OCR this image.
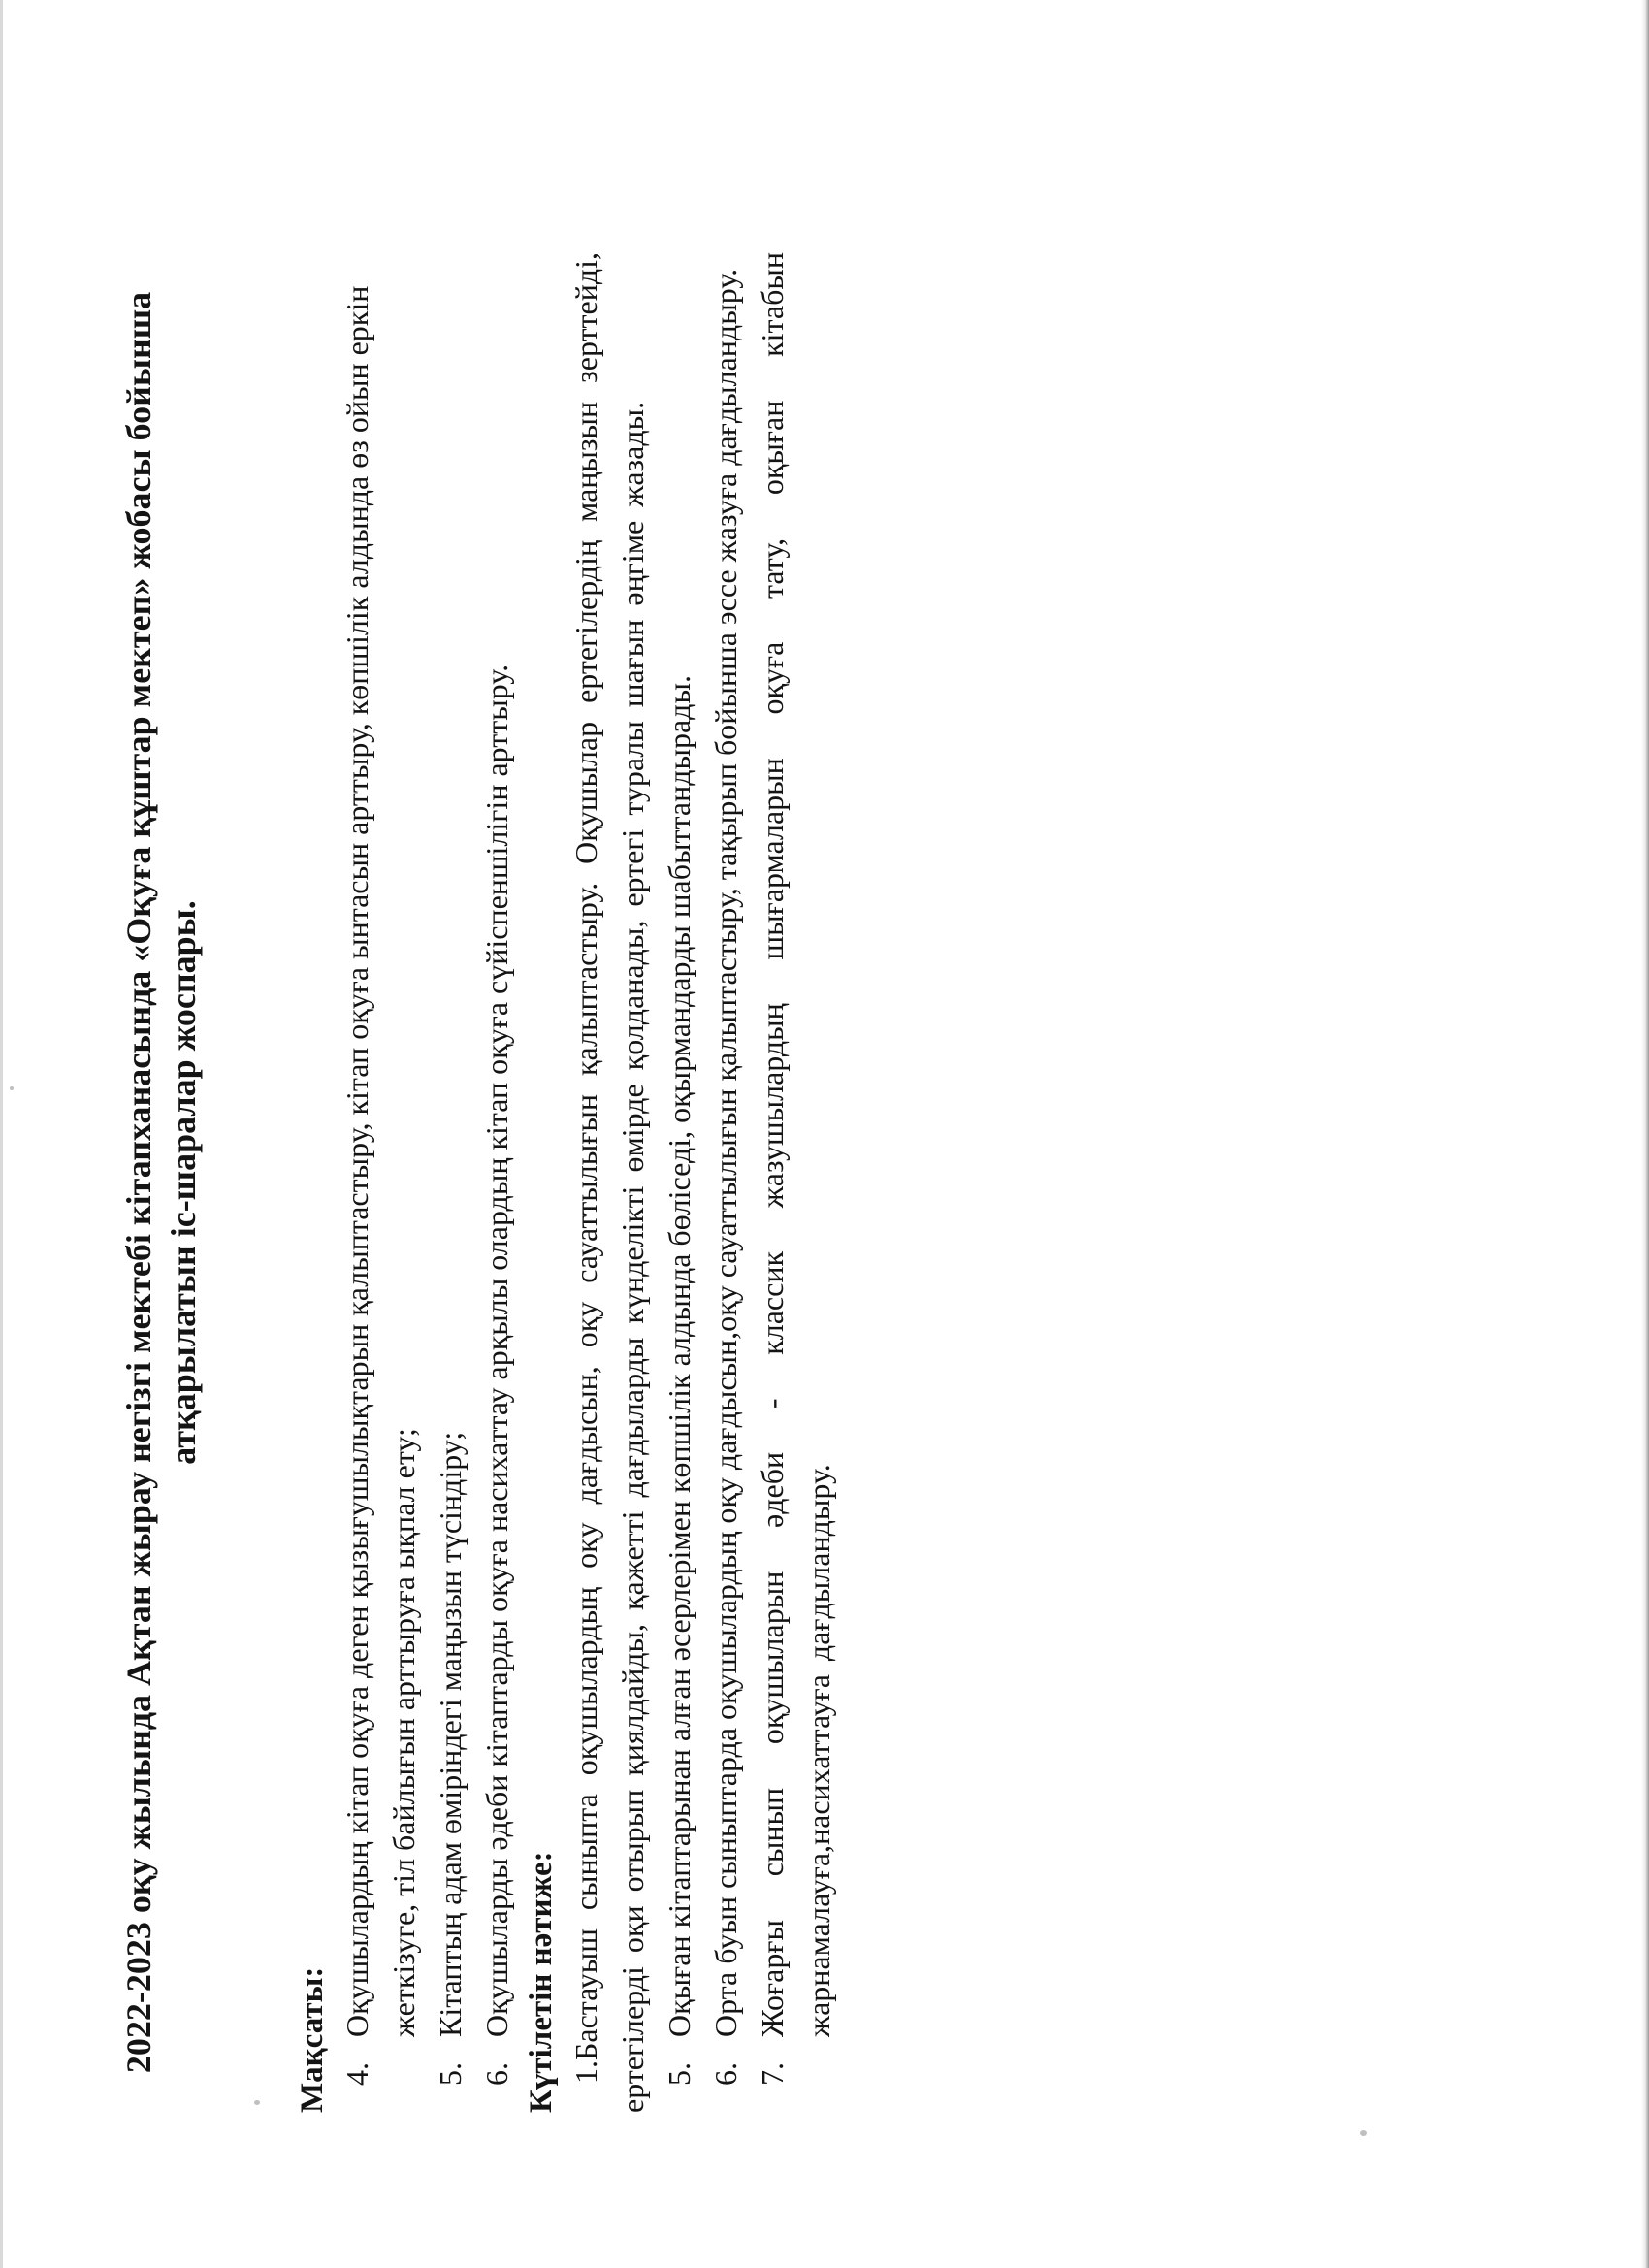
2022-2023 оқу жылында Ақтан жырау негізгі мектебі кітапханасында «Оқуға құштар мектеп» жобасы бойынша атқарылатын іс-шаралар жоспары.

Мақсаты: 4.
Оқушылардың кітап оқуға деген қызығушылықтарын қалыптастыру, кітап оқуға ынтасын арттыру, көпшілік алдында өз ойын еркін жеткізуге, тіл байлығын арттыруға ықпал ету;
5.
Кітаптың адам өміріндегі маңызын түсіндіру;
6.
Оқушыларды әдеби кітаптарды оқуға насихаттау арқылы олардың кітап оқуға сүйіспеншілігін арттыру. Күтілетін нәтиже: 1.Бастауыш сыныпта оқушылардың оқу дағдысын, оқу сауаттылығын қалыптастыру. Оқушылар ертегілердің маңызын зерттейді, ертегілерді оқи отырып қиялдайды, қажетті дағдыларды күнделікті өмірде қолданады, ертегі туралы шағын әңгіме жазады. 5.
Оқыған кітаптарынан алған әсерлерімен көпшілік алдында бөліседі, оқырмандарды шабыттандырады.
6.
Орта буын сыныптарда оқушылардың оқу дағдысын,оқу сауаттылығын қалыптастыру, тақырып бойынша эссе жазуға дағдыландыру.
7.
Жоғарғы сынып оқушыларын әдеби - классик жазушылардың шығармаларын оқуға тату, оқыған кітабын жарнамалауға,насихаттауға дағдыландыру.
